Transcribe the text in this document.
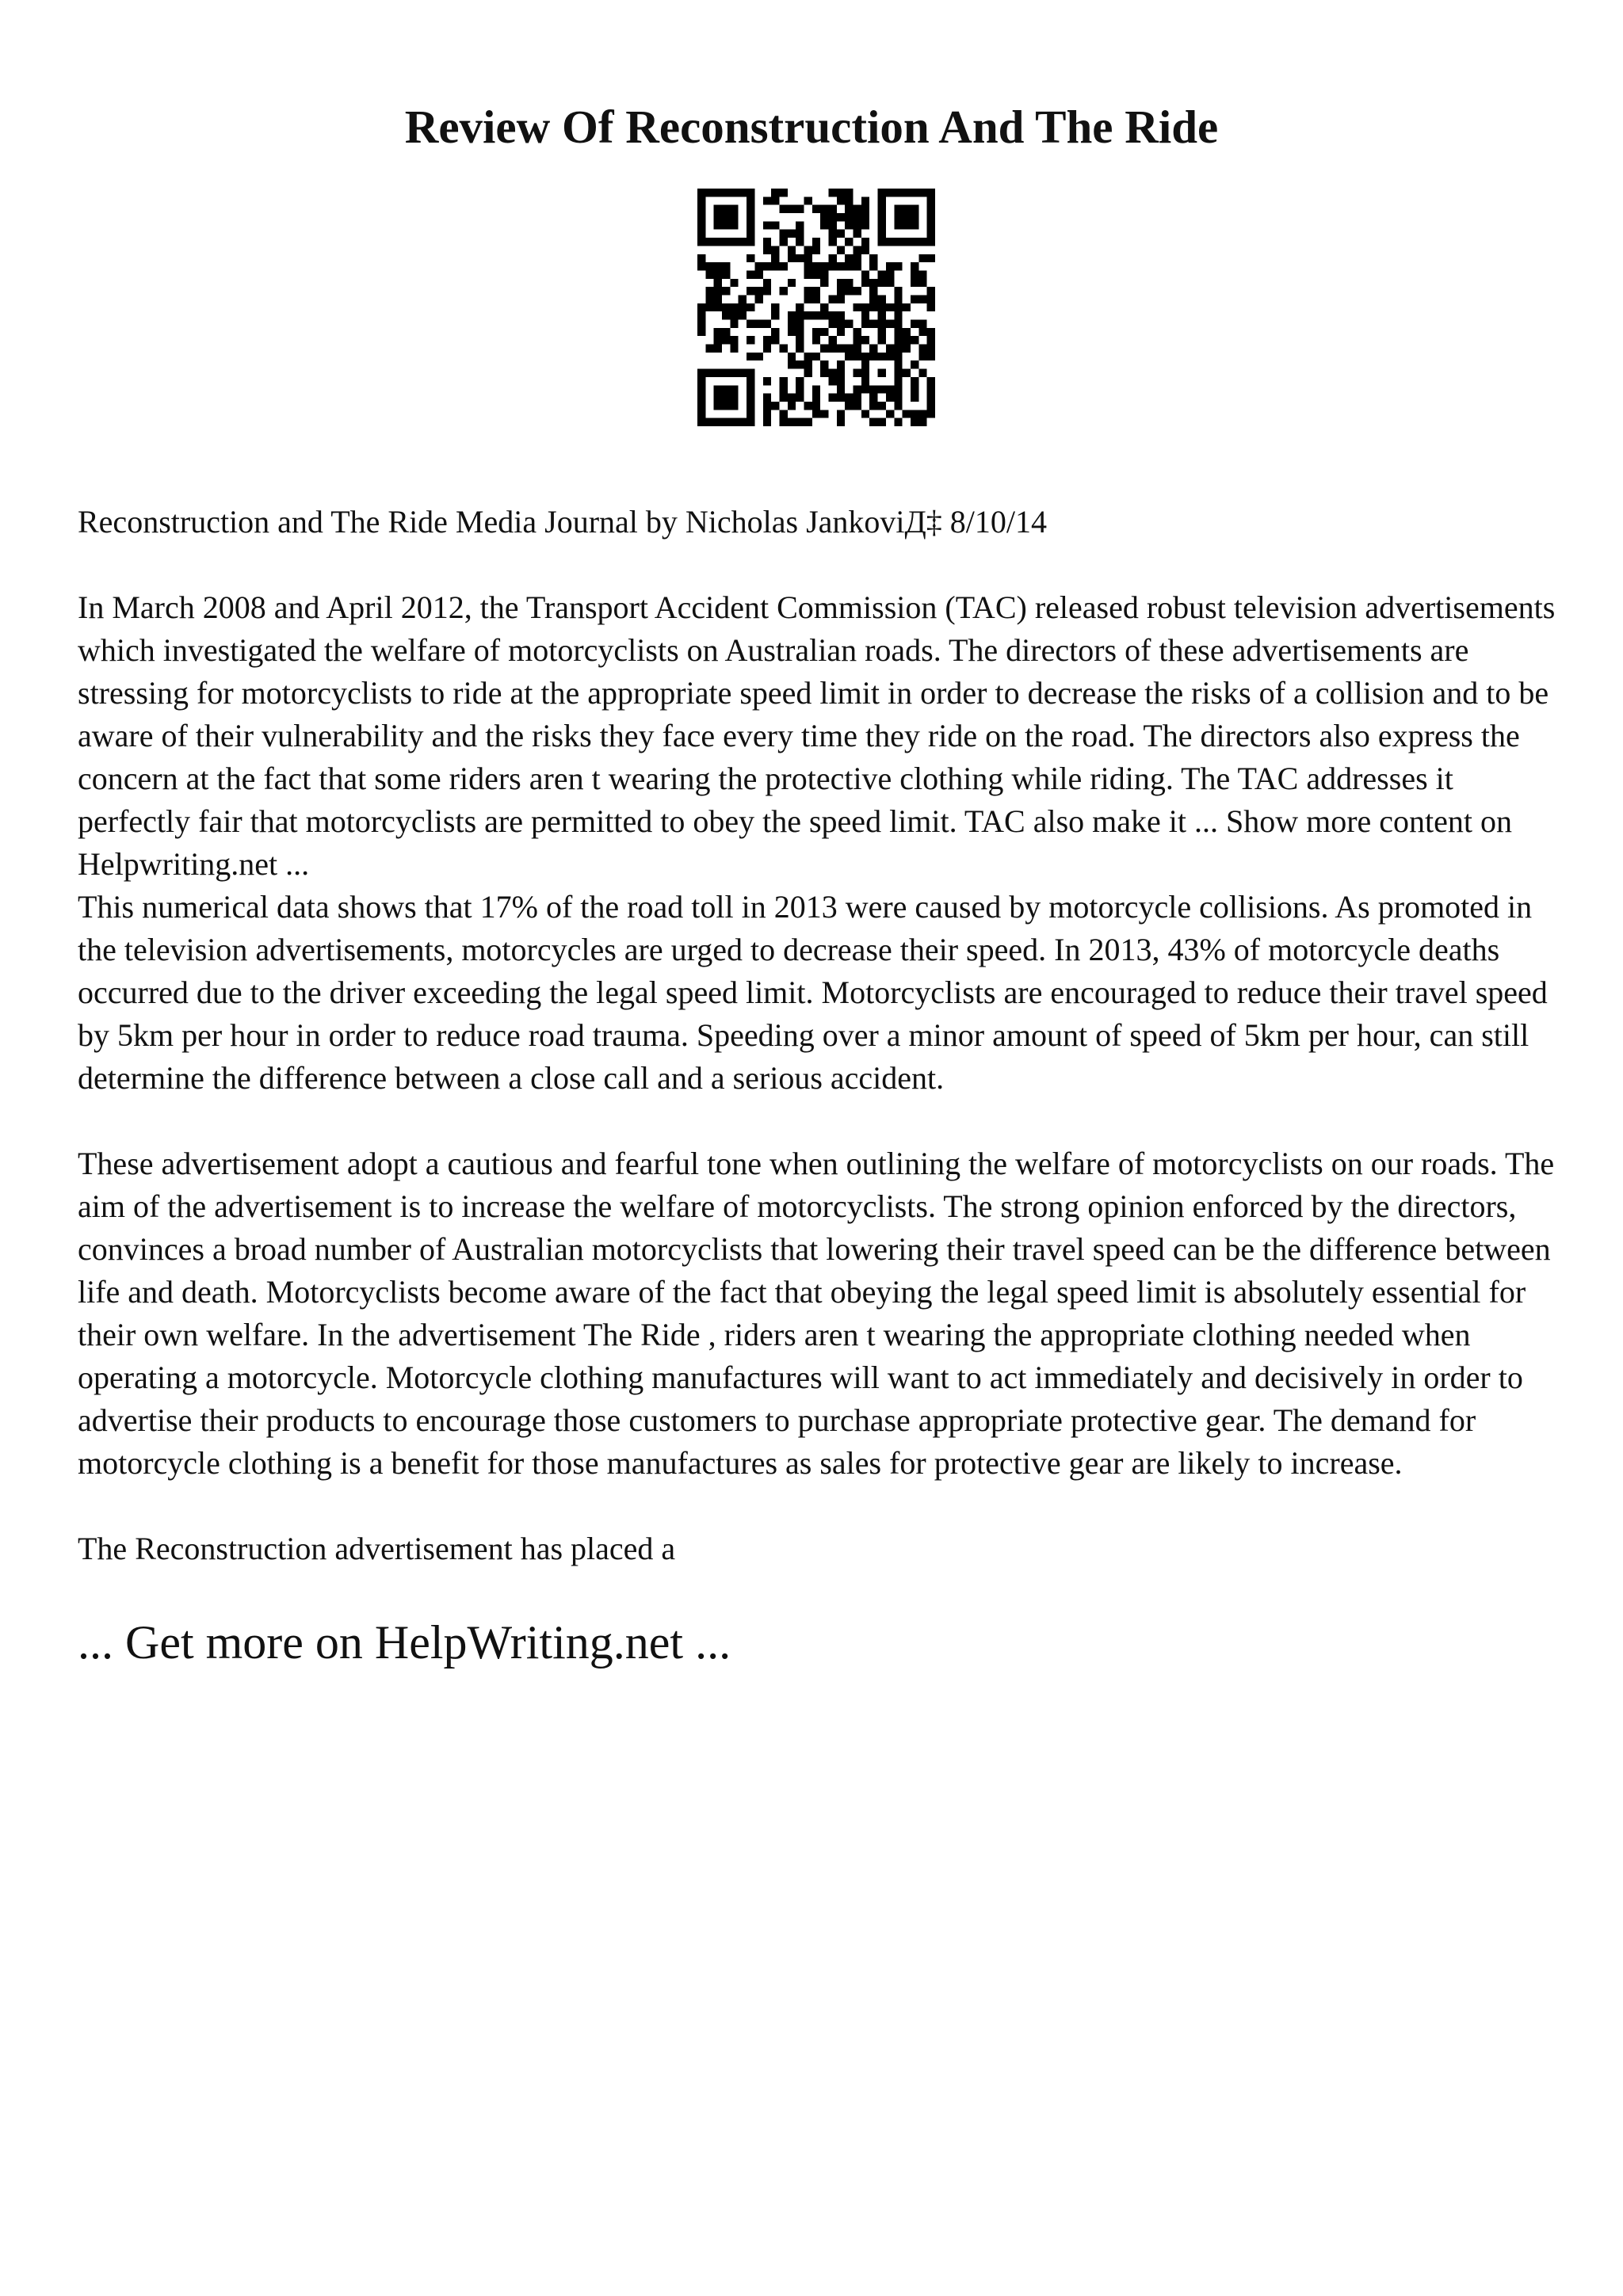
Review Of Reconstruction And The Ride

Reconstruction and The Ride Media Journal by Nicholas JankoviД‡ 8/10/14

In March 2008 and April 2012, the Transport Accident Commission (TAC) released robust television advertisements which investigated the welfare of motorcyclists on Australian roads. The directors of these advertisements are stressing for motorcyclists to ride at the appropriate speed limit in order to decrease the risks of a collision and to be aware of their vulnerability and the risks they face every time they ride on the road. The directors also express the concern at the fact that some riders aren t wearing the protective clothing while riding. The TAC addresses it perfectly fair that motorcyclists are permitted to obey the speed limit. TAC also make it ... Show more content on Helpwriting.net ...

This numerical data shows that 17% of the road toll in 2013 were caused by motorcycle collisions. As promoted in the television advertisements, motorcycles are urged to decrease their speed. In 2013, 43% of motorcycle deaths occurred due to the driver exceeding the legal speed limit. Motorcyclists are encouraged to reduce their travel speed by 5km per hour in order to reduce road trauma. Speeding over a minor amount of speed of 5km per hour, can still determine the difference between a close call and a serious accident.

These advertisement adopt a cautious and fearful tone when outlining the welfare of motorcyclists on our roads. The aim of the advertisement is to increase the welfare of motorcyclists. The strong opinion enforced by the directors, convinces a broad number of Australian motorcyclists that lowering their travel speed can be the difference between life and death. Motorcyclists become aware of the fact that obeying the legal speed limit is absolutely essential for their own welfare. In the advertisement The Ride , riders aren t wearing the appropriate clothing needed when operating a motorcycle. Motorcycle clothing manufactures will want to act immediately and decisively in order to advertise their products to encourage those customers to purchase appropriate protective gear. The demand for motorcycle clothing is a benefit for those manufactures as sales for protective gear are likely to increase.

The Reconstruction advertisement has placed a

... Get more on HelpWriting.net ...
